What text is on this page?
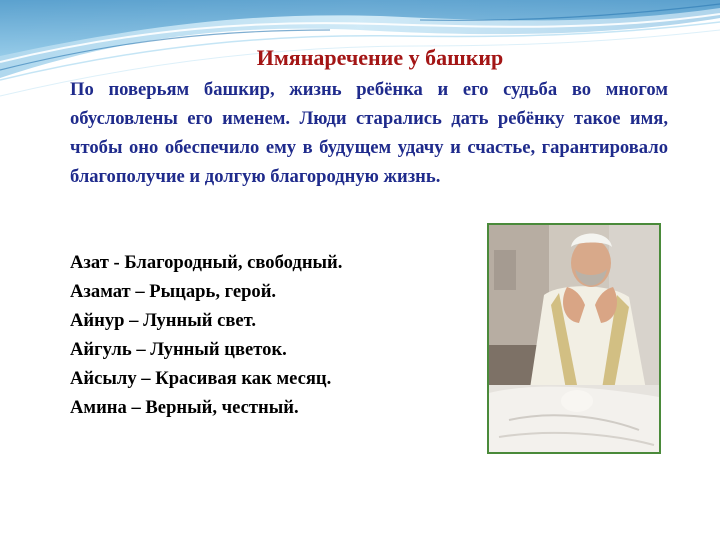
Имянаречение у башкир
По поверьям башкир, жизнь ребёнка и его судьба во многом обусловлены его именем. Люди старались дать ребёнку такое имя, чтобы оно обеспечило ему в будущем удачу и счастье, гарантировало благополучие и долгую благородную жизнь.
Азат - Благородный, свободный.
Азамат – Рыцарь, герой.
Айнур – Лунный свет.
Айгуль – Лунный цветок.
Айсылу – Красивая как месяц.
Амина – Верный, честный.
